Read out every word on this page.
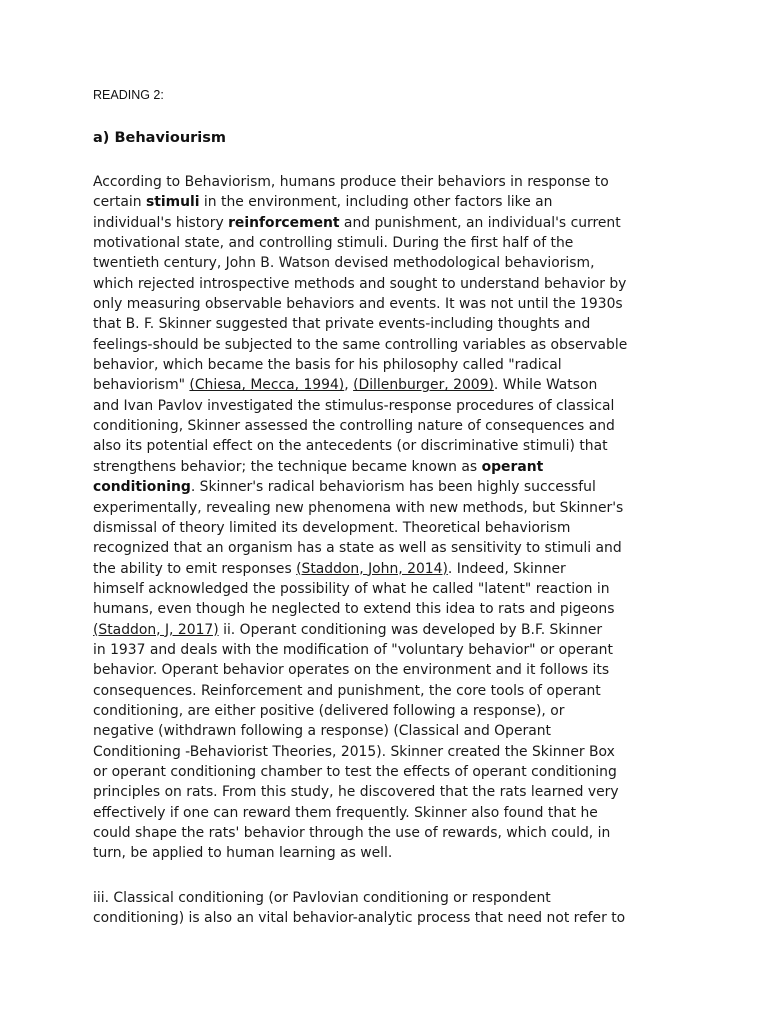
READING 2:

a) Behaviourism
According to Behaviorism, humans produce their behaviors in response to
certain stimuli in the environment, including other factors like an
individual's history reinforcement and punishment, an individual's current
motivational state, and controlling stimuli. During the first half of the
twentieth century, John B. Watson devised methodological behaviorism,
which rejected introspective methods and sought to understand behavior by
only measuring observable behaviors and events. It was not until the 1930s
that B. F. Skinner suggested that private events-including thoughts and
feelings-should be subjected to the same controlling variables as observable
behavior, which became the basis for his philosophy called "radical
behaviorism" (Chiesa, Mecca, 1994), (Dillenburger, 2009). While Watson
and Ivan Pavlov investigated the stimulus-response procedures of classical
conditioning, Skinner assessed the controlling nature of consequences and
also its potential effect on the antecedents (or discriminative stimuli) that
strengthens behavior; the technique became known as operant
conditioning. Skinner's radical behaviorism has been highly successful
experimentally, revealing new phenomena with new methods, but Skinner's
dismissal of theory limited its development. Theoretical behaviorism
recognized that an organism has a state as well as sensitivity to stimuli and
the ability to emit responses (Staddon, John, 2014). Indeed, Skinner
himself acknowledged the possibility of what he called "latent" reaction in
humans, even though he neglected to extend this idea to rats and pigeons
(Staddon, J, 2017) ii. Operant conditioning was developed by B.F. Skinner
in 1937 and deals with the modification of "voluntary behavior" or operant
behavior. Operant behavior operates on the environment and it follows its
consequences. Reinforcement and punishment, the core tools of operant
conditioning, are either positive (delivered following a response), or
negative (withdrawn following a response) (Classical and Operant
Conditioning -Behaviorist Theories, 2015). Skinner created the Skinner Box
or operant conditioning chamber to test the effects of operant conditioning
principles on rats. From this study, he discovered that the rats learned very
effectively if one can reward them frequently. Skinner also found that he
could shape the rats' behavior through the use of rewards, which could, in
turn, be applied to human learning as well.
iii. Classical conditioning (or Pavlovian conditioning or respondent
conditioning) is also an vital behavior-analytic process that need not refer to
